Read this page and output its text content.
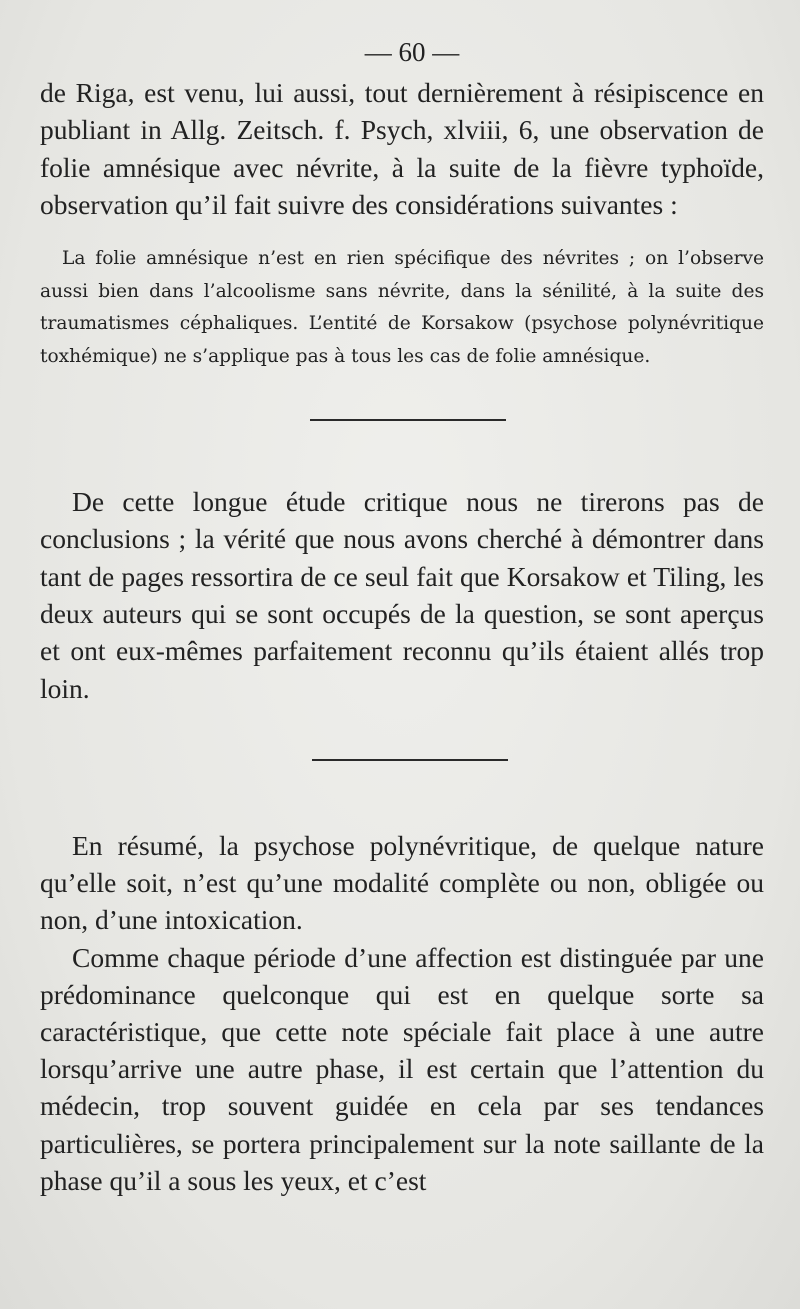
— 60 —

de Riga, est venu, lui aussi, tout dernièrement à résipiscence en publiant in Allg. Zeitsch. f. Psych, xlviii, 6, une observation de folie amnésique avec névrite, à la suite de la fièvre typhoïde, observation qu’il fait suivre des considérations suivantes :

La folie amnésique n’est en rien spécifique des névrites ; on l’observe aussi bien dans l’alcoolisme sans névrite, dans la sénilité, à la suite des traumatismes céphaliques. L’entité de Korsakow (psychose polynévritique toxhémique) ne s’applique pas à tous les cas de folie amnésique.

De cette longue étude critique nous ne tirerons pas de conclusions ; la vérité que nous avons cherché à démontrer dans tant de pages ressortira de ce seul fait que Korsakow et Tiling, les deux auteurs qui se sont occupés de la question, se sont aperçus et ont eux-mêmes parfaitement reconnu qu’ils étaient allés trop loin.

En résumé, la psychose polynévritique, de quelque nature qu’elle soit, n’est qu’une modalité complète ou non, obligée ou non, d’une intoxication.

Comme chaque période d’une affection est distinguée par une prédominance quelconque qui est en quelque sorte sa caractéristique, que cette note spéciale fait place à une autre lorsqu’arrive une autre phase, il est certain que l’attention du médecin, trop souvent guidée en cela par ses tendances particulières, se portera principalement sur la note saillante de la phase qu’il a sous les yeux, et c’est
